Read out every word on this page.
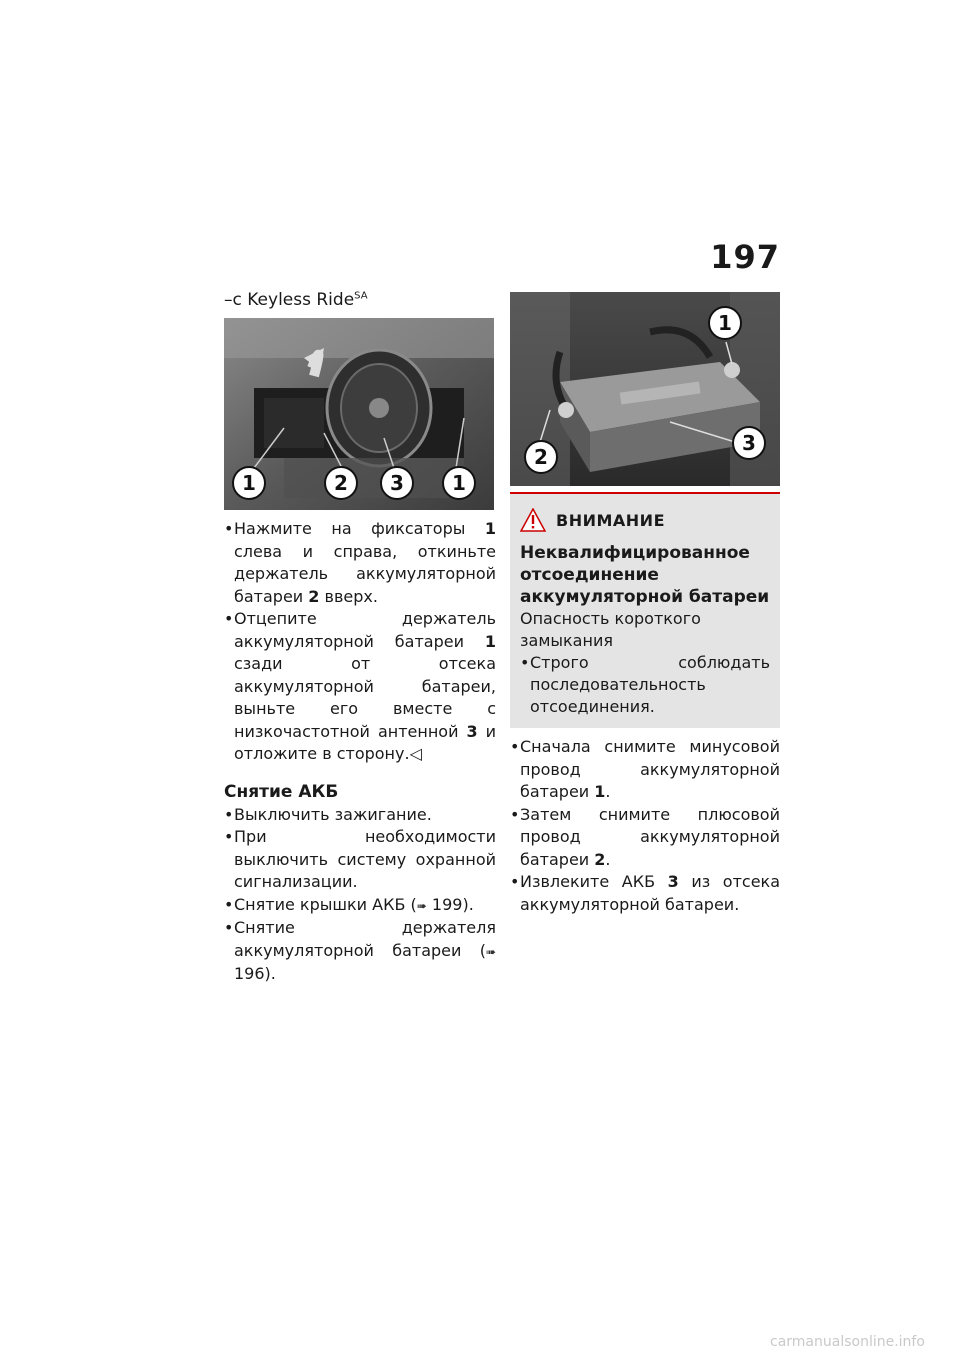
197
–с Keyless Ride$^{SA}$
1	2	3	1
• Нажмите на фиксаторы 1 слева и справа, откиньте держатель аккумуляторной батареи 2 вверх.
• Отцепите держатель аккумуляторной батареи 1 сзади от отсека аккумуляторной батареи, выньте его вместе с низкочастотной антенной 3 и отложите в сторону.◁
Снятие АКБ
• Выключить зажигание.
• При необходимости выключить систему охранной сигнализации.
• Снятие крышки АКБ (➠ 199).
• Снятие держателя аккумуляторной батареи (➠ 196).
1
2
3
ВНИМАНИЕ
Неквалифицированное отсоединение аккумуляторной батареи
Опасность короткого замыкания
• Строго соблюдать последовательность отсоединения.
• Сначала снимите минусовой провод аккумуляторной батареи 1.
• Затем снимите плюсовой провод аккумуляторной батареи 2.
• Извлеките АКБ 3 из отсека аккумуляторной батареи.
carmanualsonline.info
